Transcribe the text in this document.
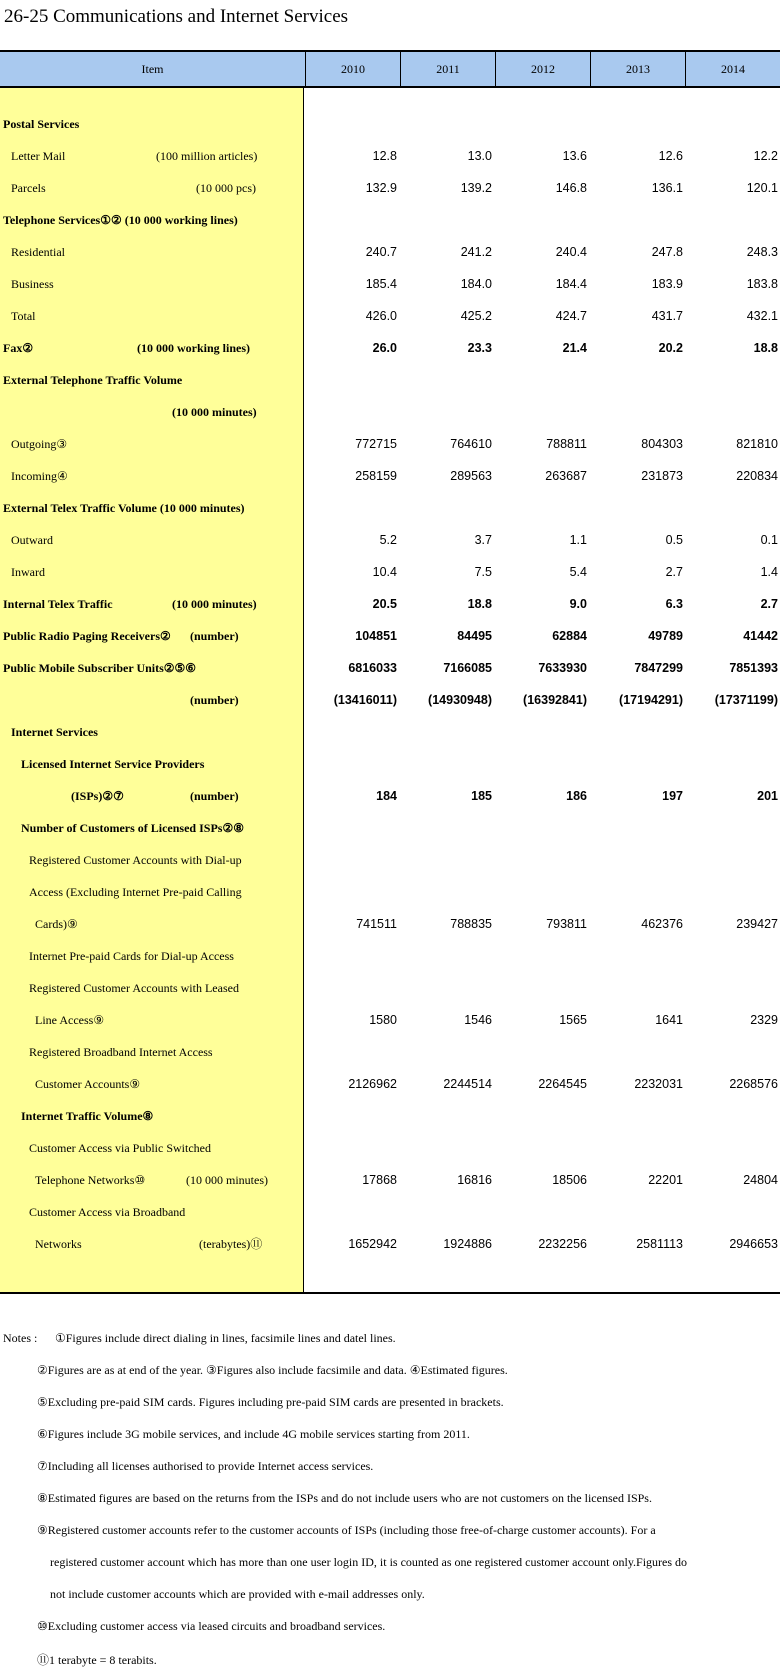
26-25 Communications and Internet Services
Item	2010	2011	2012	2013	2014
Postal Services
Letter Mail	(100 million articles)	12.8	13.0	13.6	12.6	12.2
Parcels	(10 000 pcs)	132.9	139.2	146.8	136.1	120.1
Telephone Services①② (10 000 working lines)
Residential	240.7	241.2	240.4	247.8	248.3
Business	185.4	184.0	184.4	183.9	183.8
Total	426.0	425.2	424.7	431.7	432.1
Fax②	(10 000 working lines)	26.0	23.3	21.4	20.2	18.8
External Telephone Traffic Volume
(10 000 minutes)
Outgoing③	772715	764610	788811	804303	821810
Incoming④	258159	289563	263687	231873	220834
External Telex Traffic Volume (10 000 minutes)
Outward	5.2	3.7	1.1	0.5	0.1
Inward	10.4	7.5	5.4	2.7	1.4
Internal Telex Traffic	(10 000 minutes)	20.5	18.8	9.0	6.3	2.7
Public Radio Paging Receivers② (number)	104851	84495	62884	49789	41442
Public Mobile Subscriber Units②⑤⑥	6816033	7166085	7633930	7847299	7851393
(number)	(13416011)	(14930948)	(16392841)	(17194291)	(17371199)
Internet Services
Licensed Internet Service Providers
(ISPs)②⑦	(number)	184	185	186	197	201
Number of Customers of Licensed ISPs②⑧
Registered Customer Accounts with Dial-up
Access (Excluding Internet Pre-paid Calling
Cards)⑨	741511	788835	793811	462376	239427
Internet Pre-paid Cards for Dial-up Access
Registered Customer Accounts with Leased
Line Access⑨	1580	1546	1565	1641	2329
Registered Broadband Internet Access
Customer Accounts⑨	2126962	2244514	2264545	2232031	2268576
Internet Traffic Volume⑧
Customer Access via Public Switched
Telephone Networks⑩	(10 000 minutes)	17868	16816	18506	22201	24804
Customer Access via Broadband
Networks	(terabytes)⑪	1652942	1924886	2232256	2581113	2946653
Notes : ①Figures include direct dialing in lines, facsimile lines and datel lines.
②Figures are as at end of the year. ③Figures also include facsimile and data. ④Estimated figures.
⑤Excluding pre-paid SIM cards. Figures including pre-paid SIM cards are presented in brackets.
⑥Figures include 3G mobile services, and include 4G mobile services starting from 2011.
⑦Including all licenses authorised to provide Internet access services.
⑧Estimated figures are based on the returns from the ISPs and do not include users who are not customers on the licensed ISPs.
⑨Registered customer accounts refer to the customer accounts of ISPs (including those free-of-charge customer accounts). For a
registered customer account which has more than one user login ID, it is counted as one registered customer account only.Figures do
not include customer accounts which are provided with e-mail addresses only.
⑩Excluding customer access via leased circuits and broadband services.
⑪1 terabyte = 8 terabits.
